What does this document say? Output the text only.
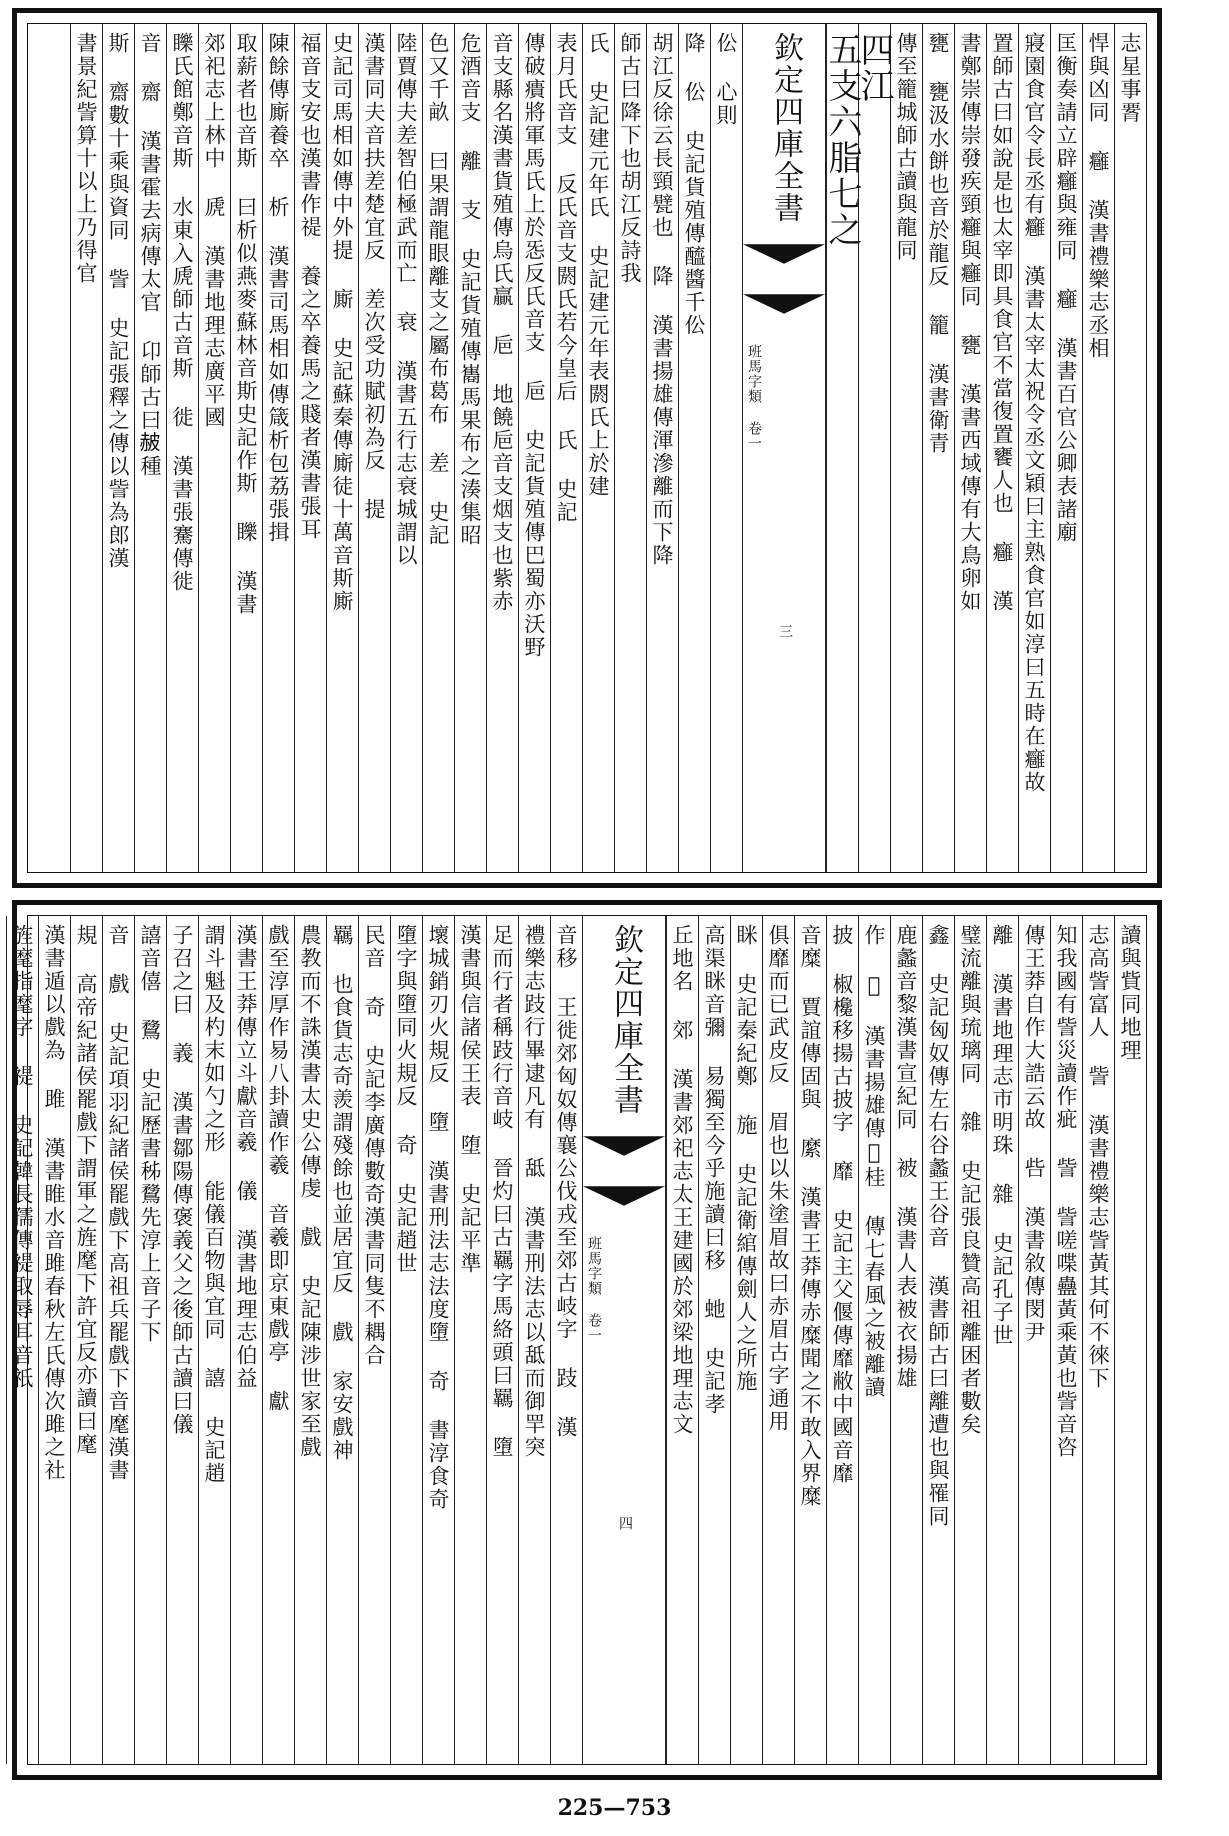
志星事𦝫
悍與凶同 癰 漢書禮樂志丞相
匡衡奏請立辟癰與雍同 癰 漢書百官公卿表諸廟
寢園食官令長丞有癰 漢書太宰太祝令丞文穎曰主熟食官如淳曰五時在癰故
置師古曰如說是也太宰即具食官不當復置饔人也 癰 漢
書鄭崇傳崇發疾頸癰與癰同 甕 漢書西域傳有大鳥卵如
甕 甕汲水餅也音於龍反 籠 漢書衛青
傳至籠城師古讀與龍同
四江
五支六脂七之
欽定四庫全書
班馬字類 卷一
三
伀 心則
降 伀 史記貨殖傳醯醬千伀
胡江反徐云長頸甓也 降 漢書揚雄傳渾滲離而下降
師古曰降下也胡江反詩我
氏 史記建元年氏 史記建元年表閼氏上於建
表月氏音支 反氏音支閼氏若今皇后 氏 史記
傳破㿉將軍馬氏上於㤅反氏音支 巵 史記貨殖傳巴蜀亦沃野
音支縣名漢書貨殖傳烏氏贏 巵 地饒巵音支烟支也紫赤
危酒音支 離 支 史記貨殖傳巂馬果布之湊集昭
色又千畝 曰果謂龍眼離支之屬布葛布 差 史記
陸賈傳夫差智伯極武而亡 衰 漢書五行志衰城謂以
漢書同夫音扶差楚宜反 差次受功賦初為反 提
史記司馬相如傳中外提 廝 史記蘇秦傳廝徒十萬音斯廝
福音支安也漢書作禔 養之卒養馬之賤者漢書張耳
陳餘傳廝養卒 析 漢書司馬相如傳箴析包荔張揖
取薪者也音斯 曰析似燕麥蘇林音斯史記作斯 䁻 漢書
郊祀志上林中 虒 漢書地理志廣平國
䁻氏館鄭音斯 水東入虒師古音斯 徙 漢書張騫傳徙
音 齋 漢書霍去病傳太官 卬師古曰𧹞種
斯 齋數十乘與資同 訾 史記張釋之傳以訾為郎漢
書景紀訾算十以上乃得官
讀與貲同地理
志高訾富人 訾 漢書禮樂志訾黃其何不徠下
知我國有訾災讀作疵 訾 訾嗟喋蠱黃乘黃也訾音咨
傳王莽自作大誥云故 呰 漢書敘傳閔尹
離 漢書地理志市明珠 雜 史記孔子世
璧流離與琉璃同 雜 史記張良贊高祖離困者數矣
鑫 史記匈奴傳左右谷蠡王谷音 漢書師古曰離遭也與罹同
鹿蠡音黎漢書宣紀同 被 漢書人表被衣揚雄
作 𥝆 漢書揚雄傳𥝆桂 傳七春風之被離讀
披 椒欃移揚古披字 靡 史記主父偃傳靡敝中國音靡
音糜 賈誼傳固與 縻 漢書王莽傳赤糜聞之不敢入界糜
俱靡而已武皮反 眉也以朱塗眉故曰赤眉古字通用
眯 史記秦紀鄭 施 史記衛綰傳劍人之所施
高渠眯音彌 易獨至今乎施讀曰移 虵 史記孝
丘地名 郊 漢書郊祀志太王建國於郊梁地理志文
欽定四庫全書
班馬字類 卷一
四
音移 王徙郊匈奴傳襄公伐戎至郊古岐字 跂 漢
禮樂志跂行畢逮凡有 䑛 漢書刑法志以䑛而御䍐突
足而行者稱跂行音岐 晉灼曰古羈字馬絡頭曰羈 墮
漢書與信諸侯王表 堕 史記平準
壞城銷刃火規反 墮 漢書刑法志法度墮 奇 書淳食奇
墮字與墮同火規反 奇 史記趙世
民音 奇 史記李廣傳數奇漢書同隻不耦合
羈 也食貨志奇羨謂殘餘也並居宜反 戲 家安戲神
農教而不誅漢書太史公傳虔 戲 史記陳涉世家至戲
戲至淳厚作易八卦讀作羲 音羲即京東戲亭 獻
漢書王莽傳立斗獻音羲 儀 漢書地理志伯益
謂斗魁及杓末如勺之形 能儀百物與宜同 譆 史記趙
子召之曰 義 漢書鄒陽傳褒義父之後師古讀曰儀
譆音僖 䳱 史記歷書秭䳱先淳上音子下
音 戲 史記項羽紀諸侯罷戲下高祖兵罷戲下音麾漢書
規 高帝紀諸侯罷戲下謂軍之旌麾下許宜反亦讀曰麾
漢書遁以戲為 雎 漢書睢水音雎春秋左氏傳次雎之社
旌麾指麾字 禔 史記韓長孺傳禔取辱耳音祇
225—753
